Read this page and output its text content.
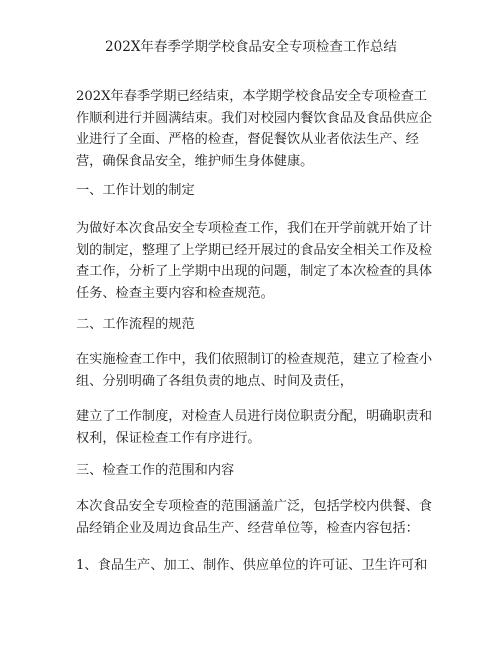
202X年春季学期学校食品安全专项检查工作总结

202X年春季学期已经结束，本学期学校食品安全专项检查工作顺利进行并圆满结束。我们对校园内餐饮食品及食品供应企业进行了全面、严格的检查，督促餐饮从业者依法生产、经营，确保食品安全，维护师生身体健康。

一、工作计划的制定

为做好本次食品安全专项检查工作，我们在开学前就开始了计划的制定，整理了上学期已经开展过的食品安全相关工作及检查工作，分析了上学期中出现的问题，制定了本次检查的具体任务、检查主要内容和检查规范。

二、工作流程的规范

在实施检查工作中，我们依照制订的检查规范，建立了检查小组、分别明确了各组负责的地点、时间及责任，

建立了工作制度，对检查人员进行岗位职责分配，明确职责和权利，保证检查工作有序进行。

三、检查工作的范围和内容

本次食品安全专项检查的范围涵盖广泛，包括学校内供餐、食品经销企业及周边食品生产、经营单位等，检查内容包括：

1、食品生产、加工、制作、供应单位的许可证、卫生许可和
